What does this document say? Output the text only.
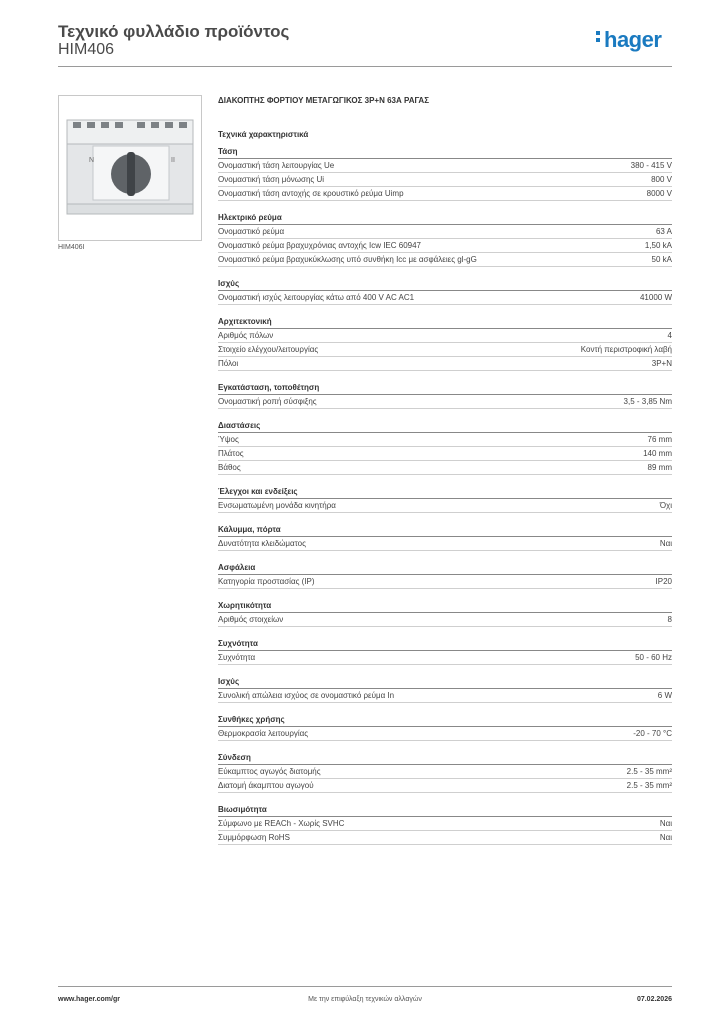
Τεχνικό φυλλάδιο προϊόντος
HIM406	hager
N	II
HIM406I
ΔΙΑΚΟΠΤΗΣ ΦΟΡΤΙΟΥ ΜΕΤΑΓΩΓΙΚΟΣ 3Ρ+Ν 63Α ΡΑΓΑΣ
Τεχνικά χαρακτηριστικά
Τάση
Ονομαστική τάση λειτουργίας Ue	380 - 415 V
Ονομαστική τάση μόνωσης Ui	800 V
Ονομαστική τάση αντοχής σε κρουστικό ρεύμα Uimp	8000 V
Ηλεκτρικό ρεύμα
Ονομαστικό ρεύμα	63 A
Ονομαστικό ρεύμα βραχυχρόνιας αντοχής Icw IEC 60947	1,50 kA
Ονομαστικό ρεύμα βραχυκύκλωσης υπό συνθήκη Icc με ασφάλειες gl-gG	50 kA
Ισχύς
Ονομαστική ισχύς λειτουργίας κάτω από 400 V AC AC1	41000 W
Αρχιτεκτονική
Αριθμός πόλων	4
Στοιχείο ελέγχου/λειτουργίας	Κοντή περιστροφική λαβή
Πόλοι	3P+N
Εγκατάσταση, τοποθέτηση
Ονομαστική ροπή σύσφιξης	3,5 - 3,85 Nm
Διαστάσεις
Ύψος	76 mm
Πλάτος	140 mm
Βάθος	89 mm
Έλεγχοι και ενδείξεις
Ενσωματωμένη μονάδα κινητήρα	Όχι
Κάλυμμα, πόρτα
Δυνατότητα κλειδώματος	Ναι
Ασφάλεια
Κατηγορία προστασίας (IP)	IP20
Χωρητικότητα
Αριθμός στοιχείων	8
Συχνότητα
Συχνότητα	50 - 60 Hz
Ισχύς
Συνολική απώλεια ισχύος σε ονομαστικό ρεύμα In	6 W
Συνθήκες χρήσης
Θερμοκρασία λειτουργίας	-20 - 70 °C
Σύνδεση
Εύκαμπτος αγωγός διατομής	2.5 - 35 mm²
Διατομή άκαμπτου αγωγού	2.5 - 35 mm²
Βιωσιμότητα
Σύμφωνο με REACh - Χωρίς SVHC	Ναι
Συμμόρφωση RoHS	Ναι
www.hager.com/gr	Με την επιφύλαξη τεχνικών αλλαγών	07.02.2026
